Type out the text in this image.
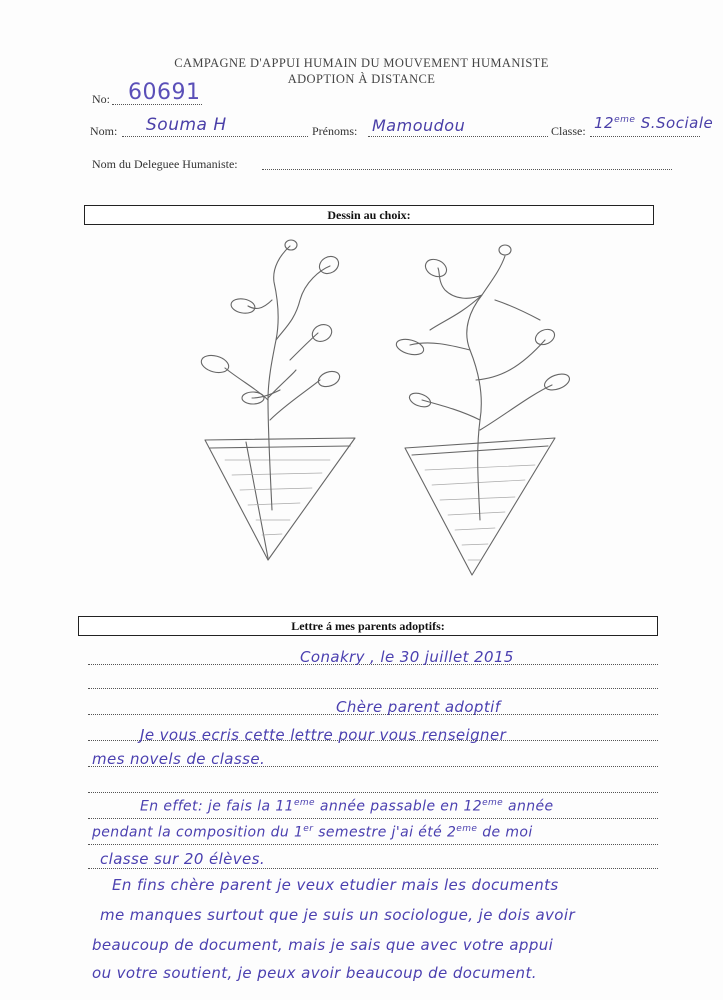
CAMPAGNE D'APPUI HUMAIN DU MOUVEMENT HUMANISTE
ADOPTION À DISTANCE
No: 60691
Nom: Souma H	Prénoms: Mamoudou	Classe: 12eme S.Sociale
Nom du Deleguee Humaniste:
Dessin au choix:
Lettre á mes parents adoptifs:
Conakry , le 30 juillet 2015
Chère parent adoptif
Je vous ecris cette lettre pour vous renseigner
mes novels de classe.
En effet: je fais la 11eme année passable en 12eme année
pendant la composition du 1er semestre j'ai été 2eme de moi
classe sur 20 élèves.
En fins chère parent je veux etudier mais les documents
me manques surtout que je suis un sociologue, je dois avoir
beaucoup de document, mais je sais que avec votre appui
ou votre soutient, je peux avoir beaucoup de document.
